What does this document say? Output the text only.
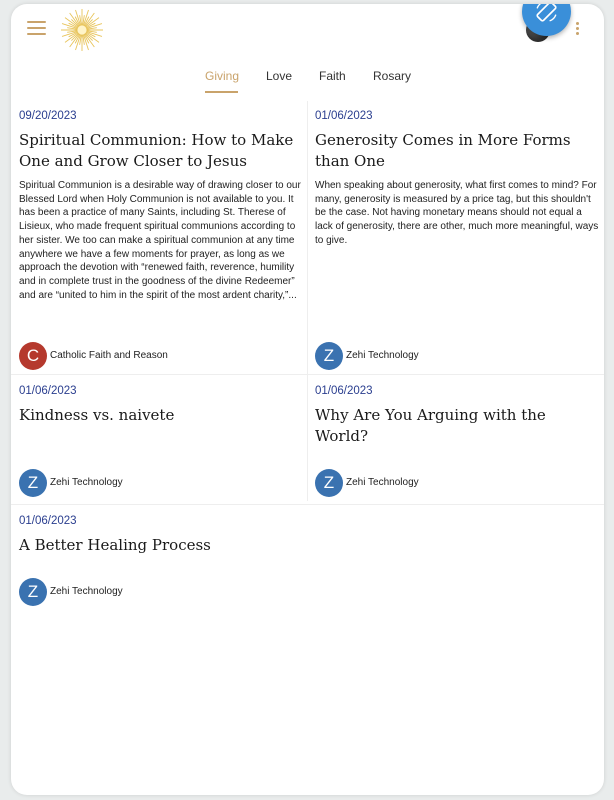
Giving Love Faith Rosary
09/20/2023
Spiritual Communion: How to Make One and Grow Closer to Jesus
Spiritual Communion is a desirable way of drawing closer to our Blessed Lord when Holy Communion is not available to you. It has been a practice of many Saints, including St. Therese of Lisieux, who made frequent spiritual communions according to her sister. We too can make a spiritual communion at any time anywhere we have a few moments for prayer, as long as we approach the devotion with “renewed faith, reverence, humility and in complete trust in the goodness of the divine Redeemer” and are “united to him in the spirit of the most ardent charity,”...
C	Catholic Faith and Reason
01/06/2023
Generosity Comes in More Forms than One
When speaking about generosity, what first comes to mind? For many, generosity is measured by a price tag, but this shouldn't be the case. Not having monetary means should not equal a lack of generosity, there are other, much more meaningful, ways to give.
Z	Zehi Technology
01/06/2023
Kindness vs. naivete
Z	Zehi Technology
01/06/2023
Why Are You Arguing with the World?
Z	Zehi Technology
01/06/2023
A Better Healing Process
Z	Zehi Technology
